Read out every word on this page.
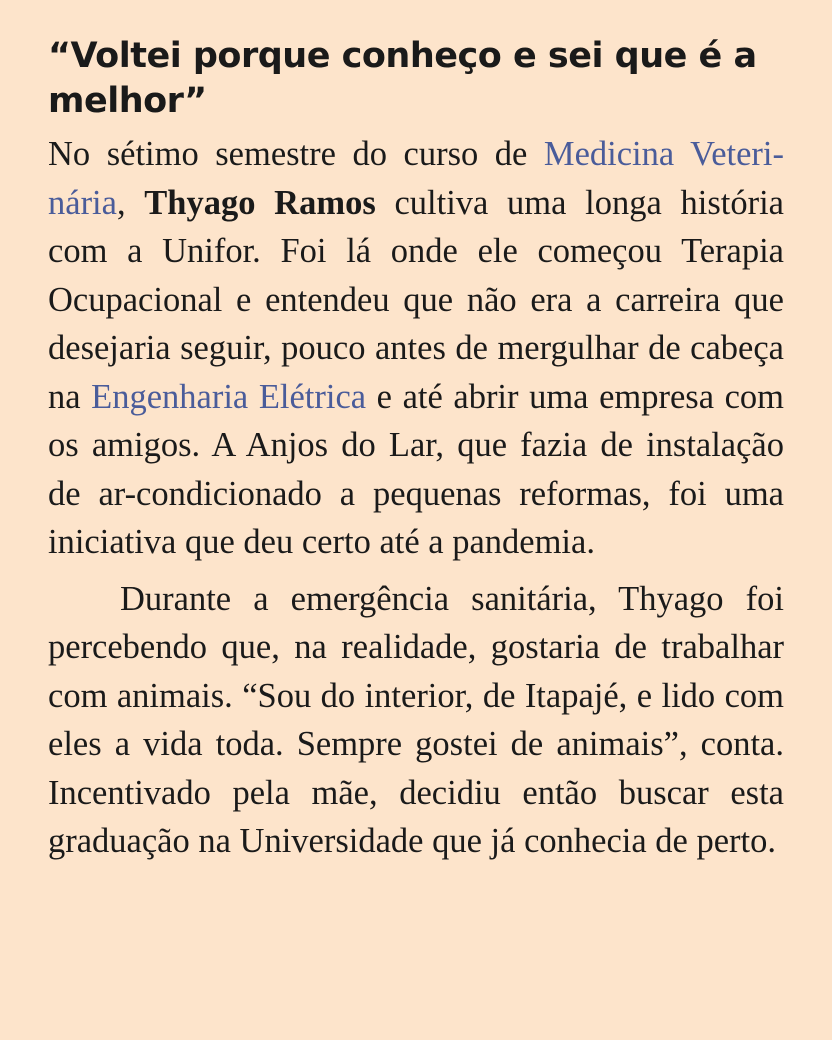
“Voltei porque conheço e sei que é a melhor”

No sétimo semestre do curso de Medicina Veterinária, Thyago Ramos cultiva uma longa história com a Unifor. Foi lá onde ele começou Terapia Ocupacional e entendeu que não era a carreira que desejaria seguir, pouco antes de mergulhar de cabeça na Engenharia Elétrica e até abrir uma empresa com os amigos. A Anjos do Lar, que fazia de instalação de ar-condicionado a pequenas reformas, foi uma iniciativa que deu certo até a pandemia.

Durante a emergência sanitária, Thyago foi percebendo que, na realidade, gostaria de trabalhar com animais. “Sou do interior, de Itapajé, e lido com eles a vida toda. Sempre gostei de animais”, conta. Incentivado pela mãe, decidiu então buscar esta graduação na Universidade que já conhecia de perto.
